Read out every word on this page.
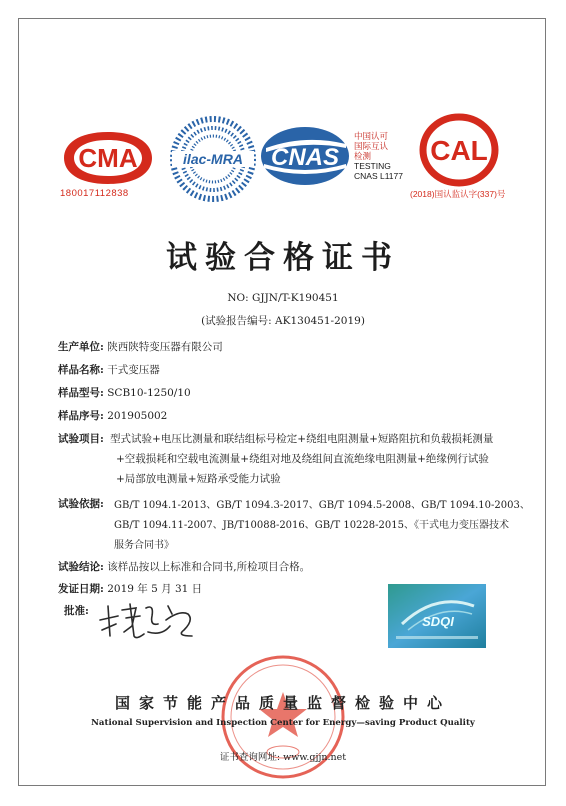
CMA
180017112838
ilac-MRA CNAS
中国认可
国际互认
检测
TESTING
CNAS L1177
CAL
(2018)国认监认字(337)号
试验合格证书
NO: GJJN/T-K190451
(试验报告编号: AK130451-2019)
生产单位: 陕西陕特变压器有限公司
样品名称: 干式变压器
样品型号: SCB10-1250/10
样品序号: 201905002
试验项目: 型式试验+电压比测量和联结组标号检定+绕组电阻测量+短路阻抗和负载损耗测量
+空载损耗和空载电流测量+绕组对地及绕组间直流绝缘电阻测量+绝缘例行试验
+局部放电测量+短路承受能力试验
试验依据: GB/T 1094.1-2013、GB/T 1094.3-2017、GB/T 1094.5-2008、GB/T 1094.10-2003、
GB/T 1094.11-2007、JB/T10088-2016、GB/T 10228-2015、《干式电力变压器技术
服务合同书》
试验结论: 该样品按以上标准和合同书,所检项目合格。
发证日期: 2019 年 5 月 31 日
批准:
SDQI
国家节能产品质量监督检验中心
National Supervision and Inspection Center for Energy—saving Product Quality
证书查询网址: www.gjjn.net
